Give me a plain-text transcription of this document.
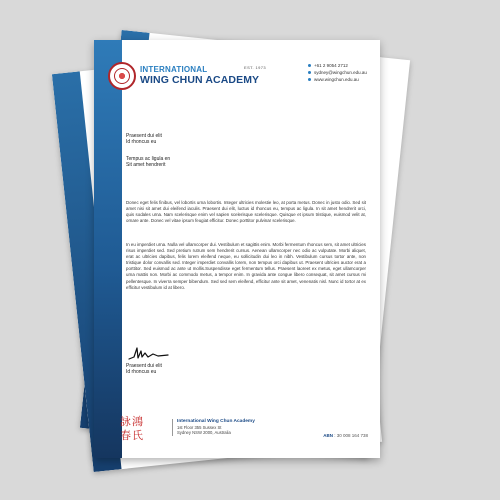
INTERNATIONAL
WING CHUN ACADEMY
EST. 1973	+61 2 9054 2712
sydney@wingchun.edu.au
www.wingchun.edu.au
Praesent dui elit
Id rhoncus eu
Tempus ac ligula en
Sit amet hendrerit

Donec eget felis finibus, vel lobortis urna lobortis. Integer ultricies molestie leo, at porta metus. Donec in justo odio. Sed sit amet nisi sit amet dui eleifend iaculis. Praesent dui elit, luctus id rhoncus eu, tempus ac ligula. In sit amet hendrerit orci, quis sodales urna. Nam scelerisque enim vel sapien scelerisque scelerisque. Quisque et ipsum tristique, euismod velit at, ornare ante. Donec vel vitae ipsum feugiat efficitur. Donec porttitor pulvinar scelerisque.

In eu imperdiet urna. Nulla vel ullamcorper dui. Vestibulum et sagittis enim. Morbi fermentum rhoncus sem, sit amet ultricies risus imperdiet sed. Sed pretium rutrum sem hendrerit cursus. Aenean ullamcorper nec odio ac vulputate. Morbi aliquet, erat ac ultricies dapibus, felis lorem eleifend neque, eu sollicitudin dui leo in nibh. Vestibulum cursus tortor ante, non tristique dolor convallis sed. Integer imperdiet convallis lorem, non tempus orci dapibus ut. Praesent ultricies auctor erat a porttitor. Sed euismod ac ante ut mollis.Suspendisse eget fermentum tellus. Praesent laoreet ex metus, eget ullamcorper urna mattis non. Morbi ac commodo metus, a tempor enim. In gravida ante congue libero consequat, sit amet cursus mi pellentesque. In viverra semper bibendum. Sed sed sem eleifend, efficitur ante sit amet, venenatis nisl. Nunc id tortor at ex efficitur vestibulum id at libero.

Praesent dui elit
Id rhoncus eu
詠 鴻
春 氏
International Wing Chun Academy
1st Floor 355 Sussex St
Sydney NSW 2000, Australia
ABN : 30 008 164 738
